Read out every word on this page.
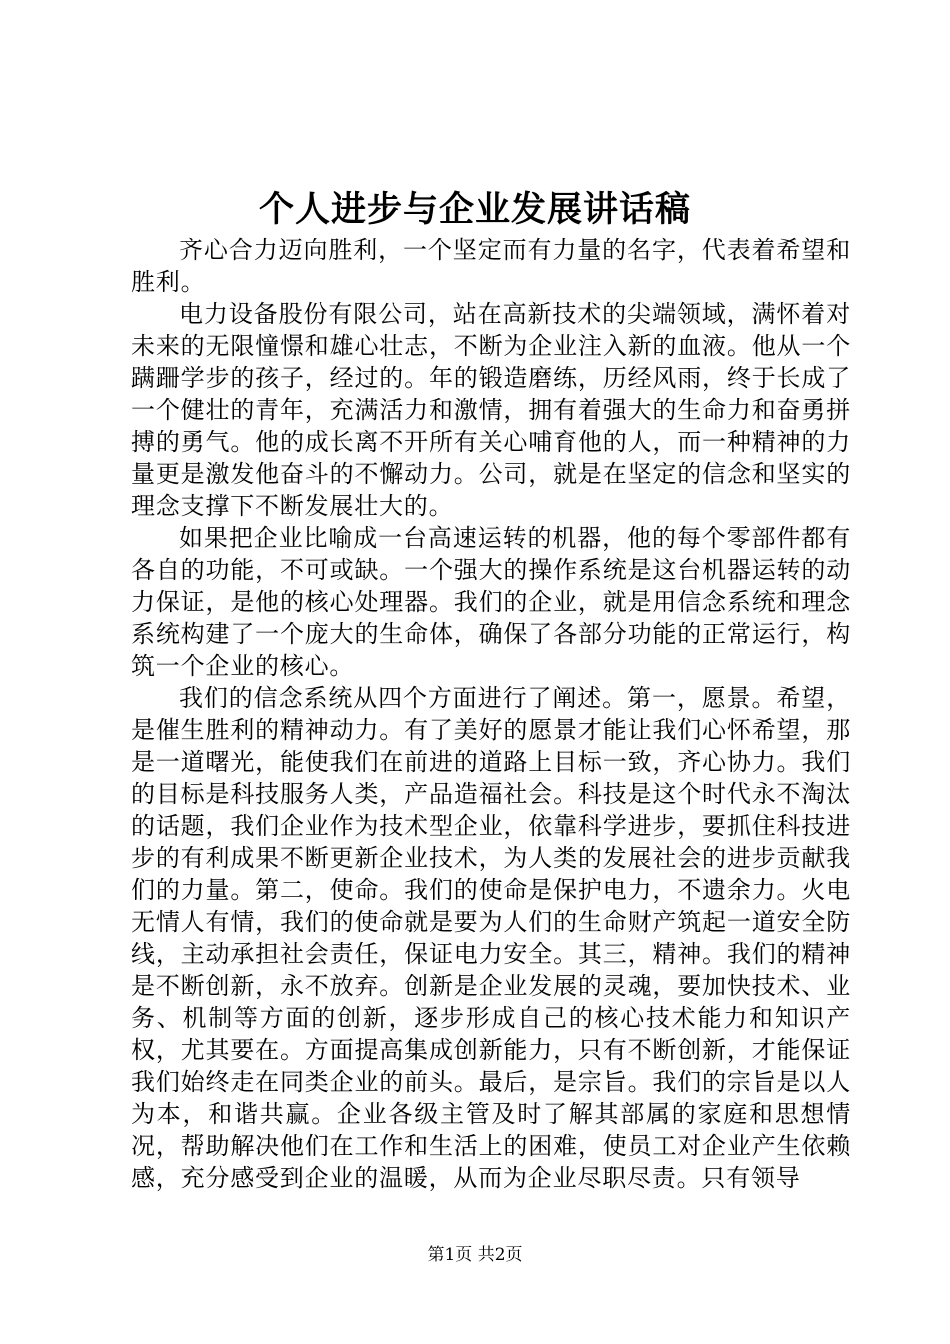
个人进步与企业发展讲话稿

齐心合力迈向胜利，一个坚定而有力量的名字，代表着希望和胜利。

电力设备股份有限公司，站在高新技术的尖端领域，满怀着对未来的无限憧憬和雄心壮志，不断为企业注入新的血液。他从一个蹒跚学步的孩子，经过的。年的锻造磨练，历经风雨，终于长成了一个健壮的青年，充满活力和激情，拥有着强大的生命力和奋勇拼搏的勇气。他的成长离不开所有关心哺育他的人，而一种精神的力量更是激发他奋斗的不懈动力。公司，就是在坚定的信念和坚实的理念支撑下不断发展壮大的。

如果把企业比喻成一台高速运转的机器，他的每个零部件都有各自的功能，不可或缺。一个强大的操作系统是这台机器运转的动力保证，是他的核心处理器。我们的企业，就是用信念系统和理念系统构建了一个庞大的生命体，确保了各部分功能的正常运行，构筑一个企业的核心。

我们的信念系统从四个方面进行了阐述。第一，愿景。希望，是催生胜利的精神动力。有了美好的愿景才能让我们心怀希望，那是一道曙光，能使我们在前进的道路上目标一致，齐心协力。我们的目标是科技服务人类，产品造福社会。科技是这个时代永不淘汰的话题，我们企业作为技术型企业，依靠科学进步，要抓住科技进步的有利成果不断更新企业技术，为人类的发展社会的进步贡献我们的力量。第二，使命。我们的使命是保护电力，不遗余力。火电无情人有情，我们的使命就是要为人们的生命财产筑起一道安全防线，主动承担社会责任，保证电力安全。其三，精神。我们的精神是不断创新，永不放弃。创新是企业发展的灵魂，要加快技术、业务、机制等方面的创新，逐步形成自己的核心技术能力和知识产权，尤其要在。方面提高集成创新能力，只有不断创新，才能保证我们始终走在同类企业的前头。最后，是宗旨。我们的宗旨是以人为本，和谐共赢。企业各级主管及时了解其部属的家庭和思想情况，帮助解决他们在工作和生活上的困难，使员工对企业产生依赖感，充分感受到企业的温暖，从而为企业尽职尽责。只有领导

第1页 共2页
